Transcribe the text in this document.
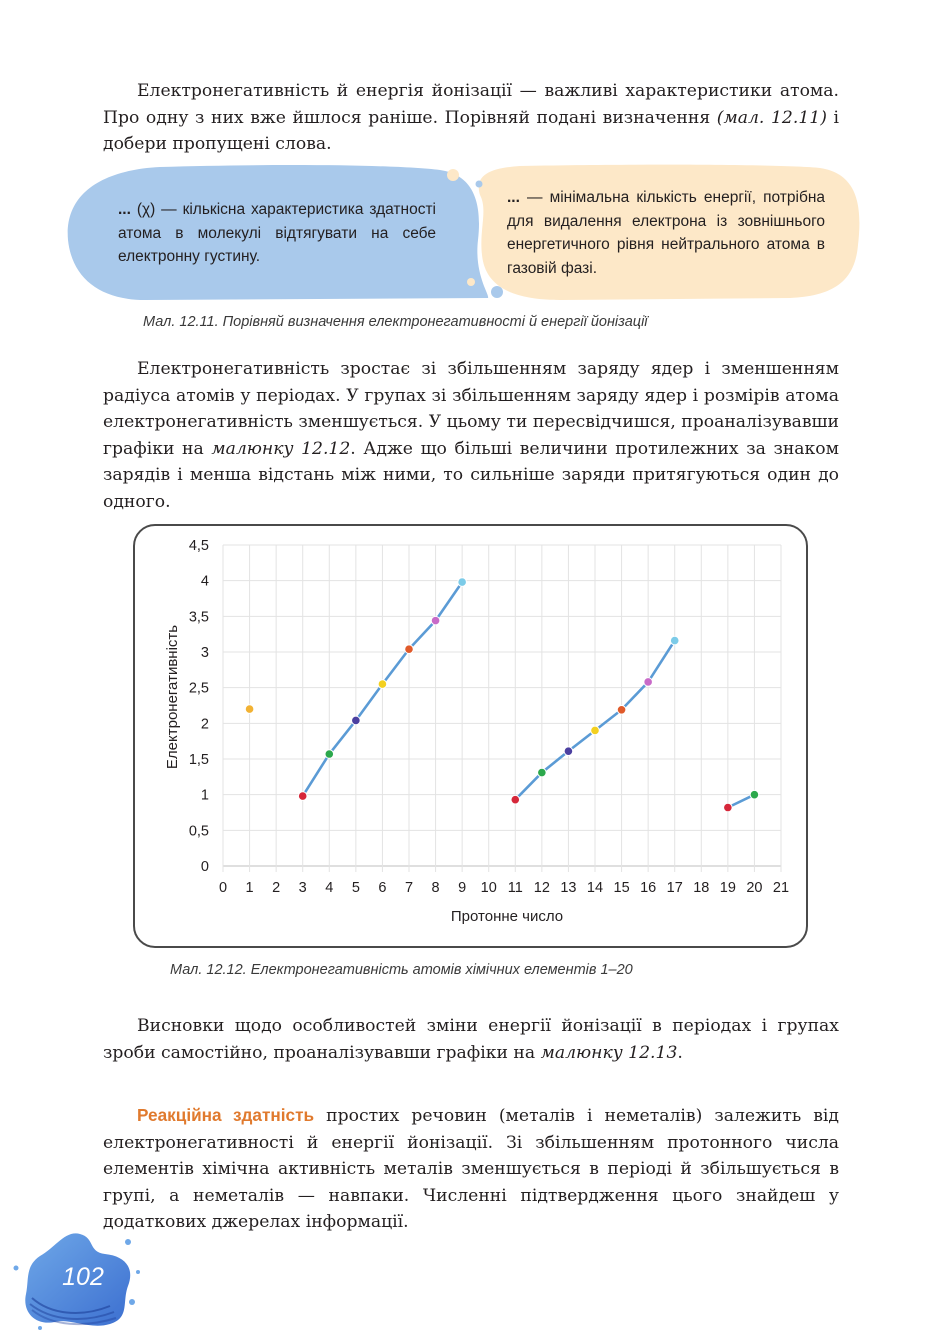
Електронегативність й енергія йонізації — важливі характеристики атома. Про одну з них вже йшлося раніше. Порівняй подані визначення (мал. 12.11) і добери пропущені слова.

... (χ) — кількісна характеристика здатності атома в молекулі відтягувати на себе електронну густину.
... — мінімальна кількість енергії, потрібна для видалення електрона із зовнішнього енергетичного рівня нейтрального атома в газовій фазі.
Мал. 12.11. Порівняй визначення електронегативності й енергії йонізації

Електронегативність зростає зі збільшенням заряду ядер і зменшенням радіуса атомів у періодах. У групах зі збільшенням заряду ядер і розмірів атома електронегативність зменшується. У цьому ти пересвідчишся, проаналізувавши графіки на малюнку 12.12. Адже що більші величини протилежних за знаком зарядів і менша відстань між ними, то сильніше заряди притягуються один до одного.

0
0,5
1
1,5
2
2,5
3
3,5
4
4,5
0 1 2 3 4 5 6 7 8 9 10 11 12 13 14 15 16 17 18 19 20 21
Протонне число
Електронегативність
Мал. 12.12. Електронегативність атомів хімічних елементів 1–20

Висновки щодо особливостей зміни енергії йонізації в періодах і групах зроби самостійно, проаналізувавши графіки на малюнку 12.13.

Реакційна здатність простих речовин (металів і неметалів) залежить від електронегативності й енергії йонізації. Зі збільшенням протонного числа елементів хімічна активність металів зменшується в періоді й збільшується в групі, а неметалів — навпаки. Численні підтвердження цього знайдеш у додаткових джерелах інформації.

102
